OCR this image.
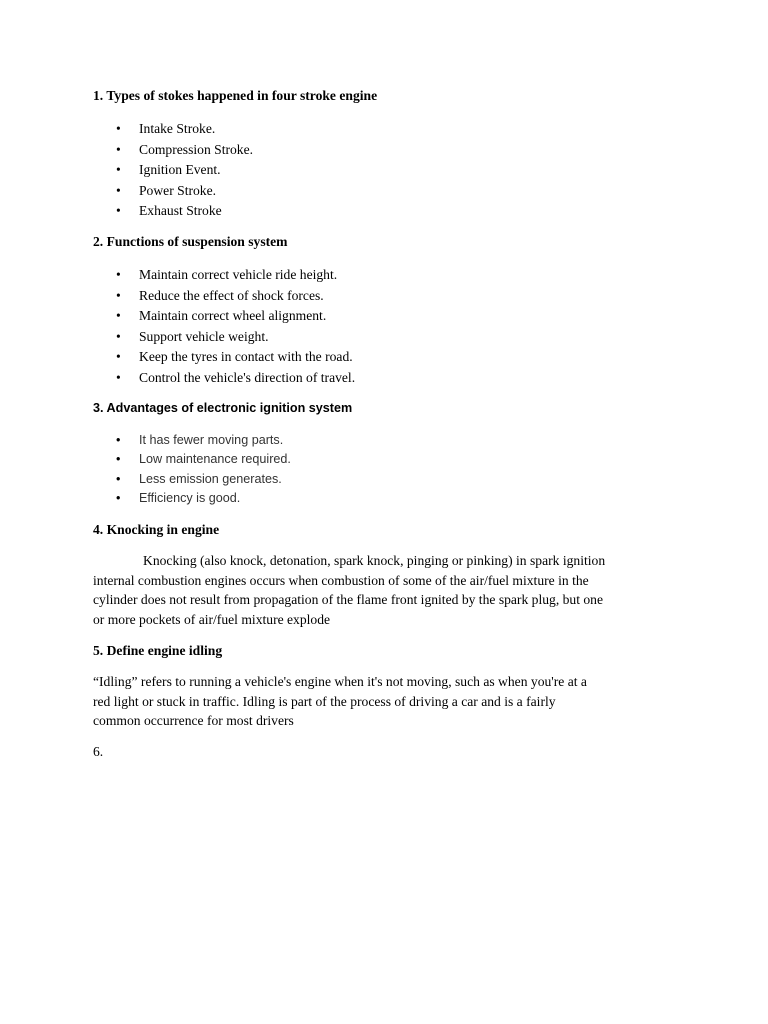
1. Types of stokes happened in four stroke engine
• Intake Stroke.
• Compression Stroke.
• Ignition Event.
• Power Stroke.
• Exhaust Stroke
2. Functions of suspension system
• Maintain correct vehicle ride height.
• Reduce the effect of shock forces.
• Maintain correct wheel alignment.
• Support vehicle weight.
• Keep the tyres in contact with the road.
• Control the vehicle's direction of travel.
3. Advantages of electronic ignition system
• It has fewer moving parts.
• Low maintenance required.
• Less emission generates.
• Efficiency is good.
4. Knocking in engine
Knocking (also knock, detonation, spark knock, pinging or pinking) in spark ignition
internal combustion engines occurs when combustion of some of the air/fuel mixture in the
cylinder does not result from propagation of the flame front ignited by the spark plug, but one
or more pockets of air/fuel mixture explode
5. Define engine idling
“Idling” refers to running a vehicle's engine when it's not moving, such as when you're at a
red light or stuck in traffic. Idling is part of the process of driving a car and is a fairly
common occurrence for most drivers
6.
